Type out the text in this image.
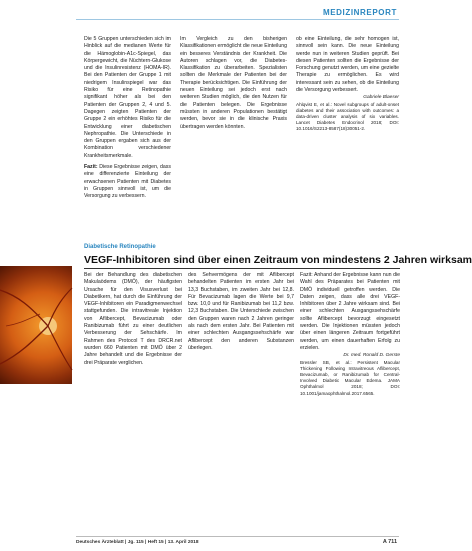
MEDIZINREPORT

Die 5 Gruppen unterschieden sich im Hinblick auf die medianen Werte für die Hämoglobin-A1c-Spiegel, das Körpergewicht, die Nüchtern-Glukose und die Insulinresistenz (HOMA-IR). Bei den Patienten der Gruppe 1 mit niedrigem Insulinspiegel war das Risiko für eine Retinopathie signifikant höher als bei den Patienten der Gruppen 2, 4 und 5. Dagegen zeigten Patienten der Gruppe 2 ein erhöhtes Risiko für die Entwicklung einer diabetischen Nephropathie. Die Unterschiede in den Gruppen ergaben sich aus der Kombination verschiedener Krankheitsmerkmale.

Fazit: Diese Ergebnisse zeigen, dass eine differenzierte Einteilung der erwachsenen Patienten mit Diabetes in Gruppen sinnvoll ist, um die Versorgung zu verbessern.

Im Vergleich zu den bisherigen Klassifikationen ermöglicht die neue Einteilung ein besseres Verständnis der Krankheit. Die Autoren schlagen vor, die Diabetes-Klassifikation zu überarbeiten. Spezialisten sollten die Merkmale der Patienten bei der Therapie berücksichtigen. Die Einführung der neuen Einteilung sei jedoch erst nach weiteren Studien möglich, die den Nutzen für die Patienten belegen. Die Ergebnisse müssten in anderen Populationen bestätigt werden, bevor sie in die klinische Praxis übertragen werden könnten.

ob eine Einteilung, die sehr homogen ist, sinnvoll sein kann. Die neue Einteilung werde nun in weiteren Studien geprüft. Bei diesen Patienten sollten die Ergebnisse der Forschung genutzt werden, um eine gezielte Therapie zu ermöglichen. Es wird interessant sein zu sehen, ob die Einteilung die Versorgung verbessert.

Gabriele Blaeser

Ahlqvist E, et al.: Novel subgroups of adult-onset diabetes and their association with outcomes: a data-driven cluster analysis of six variables. Lancet Diabetes Endocrinol 2018; DOI: 10.1016/S2213-8587(18)30051-2.

Diabetische Retinopathie
VEGF-Inhibitoren sind über einen Zeitraum von mindestens 2 Jahren wirksam

Bei der Behandlung des diabetischen Makulaödems (DMÖ), der häufigsten Ursache für den Visusverlust bei Diabetikern, hat durch die Einführung der VEGF-Inhibitoren ein Paradigmenwechsel stattgefunden. Die intravitreale Injektion von Aflibercept, Bevacizumab oder Ranibizumab führt zu einer deutlichen Verbesserung der Sehschärfe. Im Rahmen des Protocol T des DRCR.net wurden 660 Patienten mit DMÖ über 2 Jahre behandelt und die Ergebnisse der drei Präparate verglichen.

des Sehvermögens der mit Aflibercept behandelten Patienten im ersten Jahr bei 13,3 Buchstaben, im zweiten Jahr bei 12,8. Für Bevacizumab lagen die Werte bei 9,7 bzw. 10,0 und für Ranibizumab bei 11,2 bzw. 12,3 Buchstaben. Die Unterschiede zwischen den Gruppen waren nach 2 Jahren geringer als nach dem ersten Jahr. Bei Patienten mit einer schlechten Ausgangssehschärfe war Aflibercept den anderen Substanzen überlegen.

Fazit: Anhand der Ergebnisse kann nun die Wahl des Präparates bei Patienten mit DMÖ individuell getroffen werden. Die Daten zeigen, dass alle drei VEGF-Inhibitoren über 2 Jahre wirksam sind. Bei einer schlechten Ausgangssehschärfe sollte Aflibercept bevorzugt eingesetzt werden. Die Injektionen müssten jedoch über einen längeren Zeitraum fortgeführt werden, um einen dauerhaften Erfolg zu erzielen.

Dr. med. Ronald D. Gerste

Bressler SB, et al.: Persistent Macular Thickening Following Intravitreous Aflibercept, Bevacizumab, or Ranibizumab for Central-Involved Diabetic Macular Edema. JAMA Ophthalmol 2018; DOI: 10.1001/jamaophthalmol.2017.6565.

Deutsches Ärzteblatt | Jg. 115 | Heft 15 | 13. April 2018	A 711
